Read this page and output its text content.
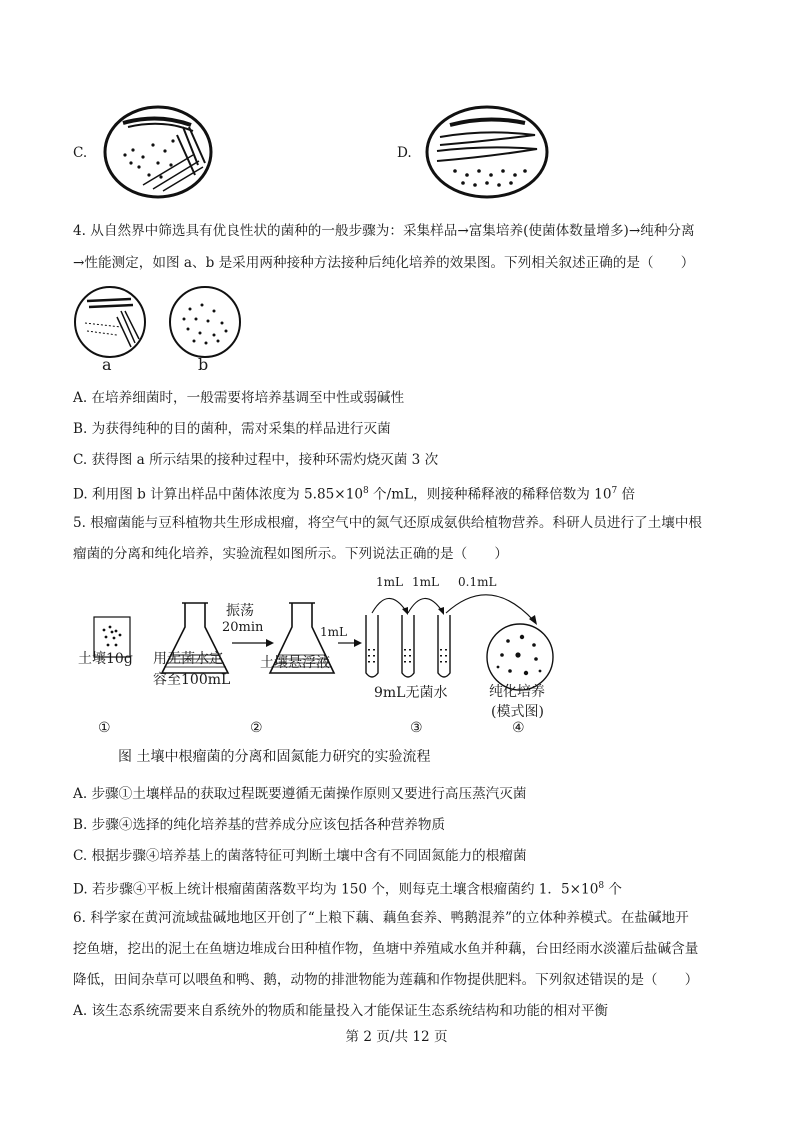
C.	D.
4. 从自然界中筛选具有优良性状的菌种的一般步骤为：采集样品→富集培养(使菌体数量增多)→纯种分离
→性能测定，如图 a、b 是采用两种接种方法接种后纯化培养的效果图。下列相关叙述正确的是（　　）
a	b
A. 在培养细菌时，一般需要将培养基调至中性或弱碱性
B. 为获得纯种的目的菌种，需对采集的样品进行灭菌
C. 获得图 a 所示结果的接种过程中，接种环需灼烧灭菌 3 次
D. 利用图 b 计算出样品中菌体浓度为 $5.85\times 10^8$ 个/mL，则接种稀释液的稀释倍数为 $10^7$ 倍
5. 根瘤菌能与豆科植物共生形成根瘤，将空气中的氮气还原成氨供给植物营养。科研人员进行了土壤中根
瘤菌的分离和纯化培养，实验流程如图所示。下列说法正确的是（　　）
土壤10g 用无菌水定
容至100mL
振荡
20min	1mL
土壤悬浮液
1mL 1mL 0.1mL
9mL无菌水	纯化培养
(模式图)
①	②	③	④
图 土壤中根瘤菌的分离和固氮能力研究的实验流程
A. 步骤①土壤样品的获取过程既要遵循无菌操作原则又要进行高压蒸汽灭菌
B. 步骤④选择的纯化培养基的营养成分应该包括各种营养物质
C. 根据步骤④培养基上的菌落特征可判断土壤中含有不同固氮能力的根瘤菌
D. 若步骤④平板上统计根瘤菌菌落数平均为 150 个，则每克土壤含根瘤菌约 1．$5\times 10^8$ 个
6. 科学家在黄河流域盐碱地地区开创了“上粮下藕、藕鱼套养、鸭鹅混养”的立体种养模式。在盐碱地开
挖鱼塘，挖出的泥土在鱼塘边堆成台田种植作物，鱼塘中养殖咸水鱼并种藕，台田经雨水淡灌后盐碱含量
降低，田间杂草可以喂鱼和鸭、鹅，动物的排泄物能为莲藕和作物提供肥料。下列叙述错误的是（　　）
A. 该生态系统需要来自系统外的物质和能量投入才能保证生态系统结构和功能的相对平衡
第 2 页/共 12 页
